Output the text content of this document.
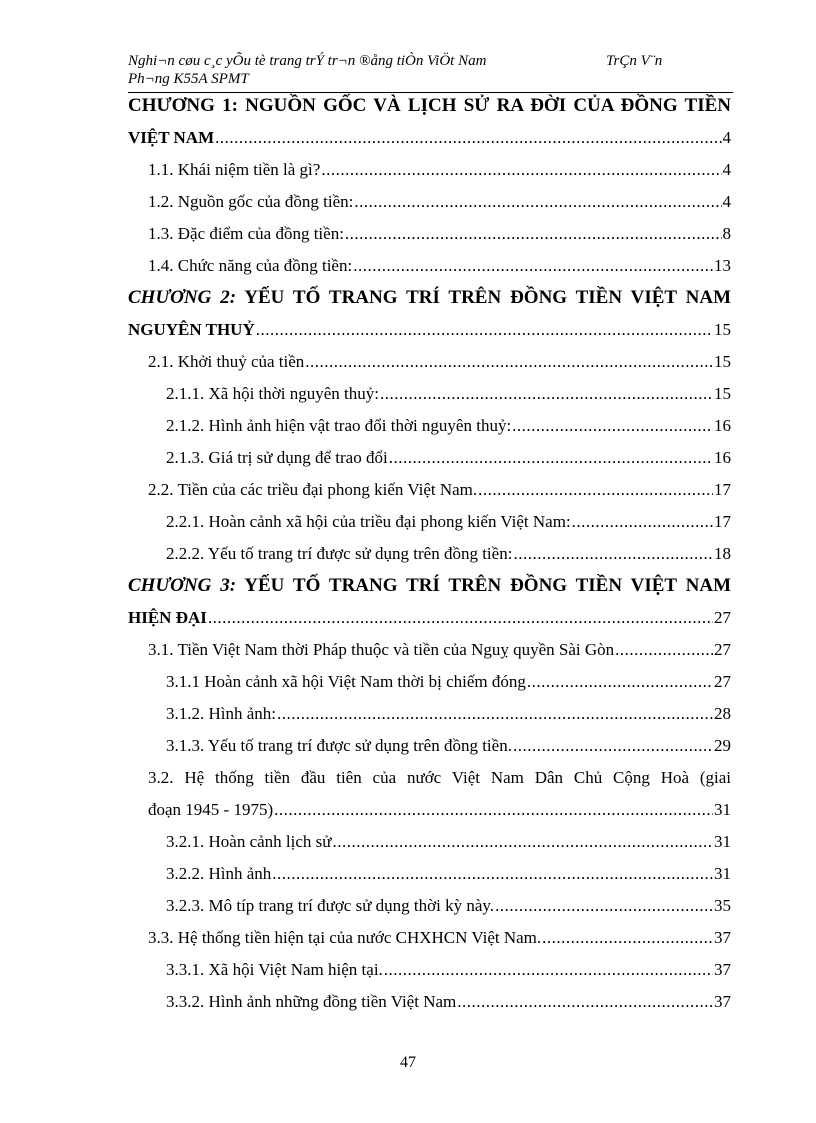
Nghi¬n cøu c¸c yÕu tè trang trÝ tr¬n ®ång tiÒn ViÖt Nam	TrÇn V¨n
Ph¬ng K55A SPMT
CHƯƠNG 1: NGUỒN GỐC VÀ LỊCH SỬ RA ĐỜI CỦA ĐỒNG TIỀN
VIỆT NAM .....	4
1.1. Khái niệm tiền là gì? .....	4
1.2. Nguồn gốc của đồng tiền: .....	4
1.3. Đặc điểm của đồng tiền: .....	8
1.4. Chức năng của đồng tiền: .....	13
CHƯƠNG 2: YẾU TỐ TRANG TRÍ TRÊN ĐỒNG TIỀN VIỆT NAM
NGUYÊN THUỶ .....	15
2.1. Khởi thuỷ của tiền .....	15
2.1.1. Xã hội thời nguyên thuỷ: .....	15
2.1.2. Hình ảnh hiện vật trao đổi thời nguyên thuỷ: .....	16
2.1.3. Giá trị sử dụng để trao đổi .....	16
2.2. Tiền của các triều đại phong kiến Việt Nam. .....	17
2.2.1. Hoàn cảnh xã hội của triều đại phong kiến Việt Nam: .....	17
2.2.2. Yếu tố trang trí được sử dụng trên đồng tiền: .....	18
CHƯƠNG 3: YẾU TỐ TRANG TRÍ TRÊN ĐỒNG TIỀN VIỆT NAM
HIỆN ĐẠI .....	27
3.1. Tiền Việt Nam thời Pháp thuộc và tiền của Nguỵ quyền Sài Gòn .....	27
3.1.1 Hoàn cảnh xã hội Việt Nam thời bị chiếm đóng .....	27
3.1.2. Hình ảnh: .....	28
3.1.3. Yếu tố trang trí được sử dụng trên đồng tiền. .....	29
3.2. Hệ thống tiền đầu tiên của nước Việt Nam Dân Chủ Cộng Hoà (giai
đoạn 1945 - 1975) .....	31
3.2.1. Hoàn cảnh lịch sử .....	31
3.2.2. Hình ảnh .....	31
3.2.3. Mô típ trang trí được sử dụng thời kỳ này. .....	35
3.3. Hệ thống tiền hiện tại của nước CHXHCN Việt Nam. .....	37
3.3.1. Xã hội Việt Nam hiện tại. .....	37
3.3.2. Hình ảnh những đồng tiền Việt Nam .....	37
47
